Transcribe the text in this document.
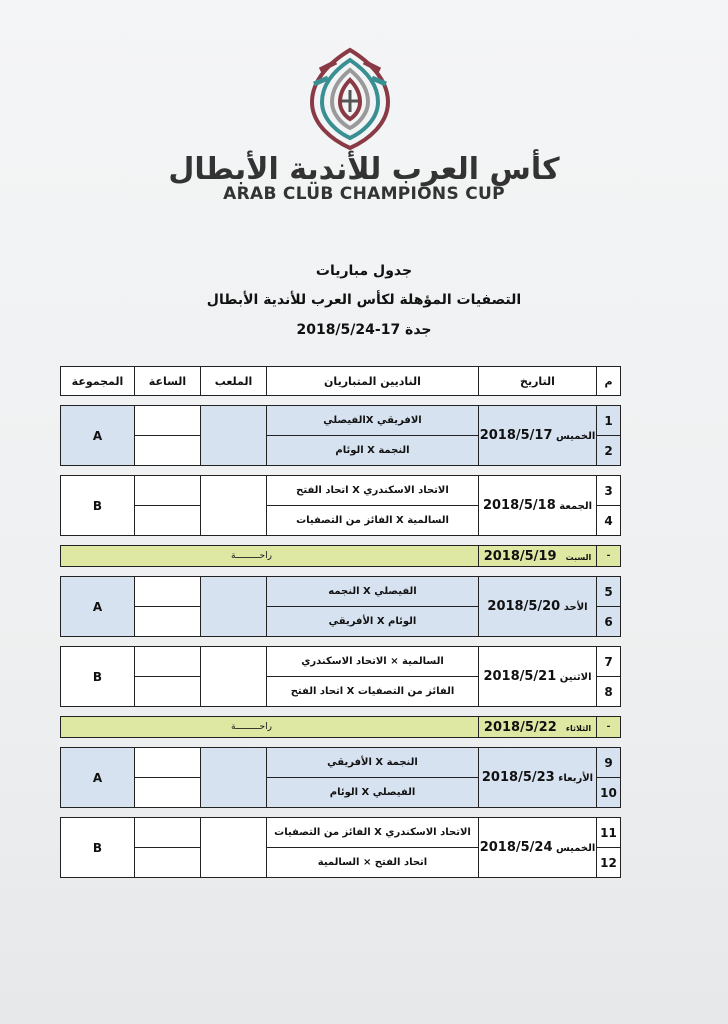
كأس العرب للأندية الأبطال
ARAB CLUB CHAMPIONS CUP
جدول مباريات
التصفيات المؤهلة لكأس العرب للأندية الأبطال
جدة 17-2018/5/24
م	التاريخ	الناديين المتباريان	الملعب	الساعة	المجموعة

1	الخميس 2018/5/17	الافريقي Xالفيصلي			A
2		النجمة X الوئام			

3	الجمعة 2018/5/18	الاتحاد الاسكندري X اتحاد الفتح			B
4		السالمية X الفائز من التصفيات			

-	السبت 2018/5/19	راحـــــــــة			

5	الأحد 2018/5/20	الفيصلي X النجمه			A
6		الوئام X الأفريقي			

7	الاثنين 2018/5/21	السالمية × الاتحاد الاسكندري			B
8		الفائز من التصفيات X اتحاد الفتح			

-	الثلاثاء 2018/5/22	راحـــــــــة			

9	الأربعاء 2018/5/23	النجمة X الأفريقي			A
10		الفيصلي X الوئام			

11	الخميس 2018/5/24	الاتحاد الاسكندري X الفائز من التصفيات			B
12		اتحاد الفتح × السالمية			
